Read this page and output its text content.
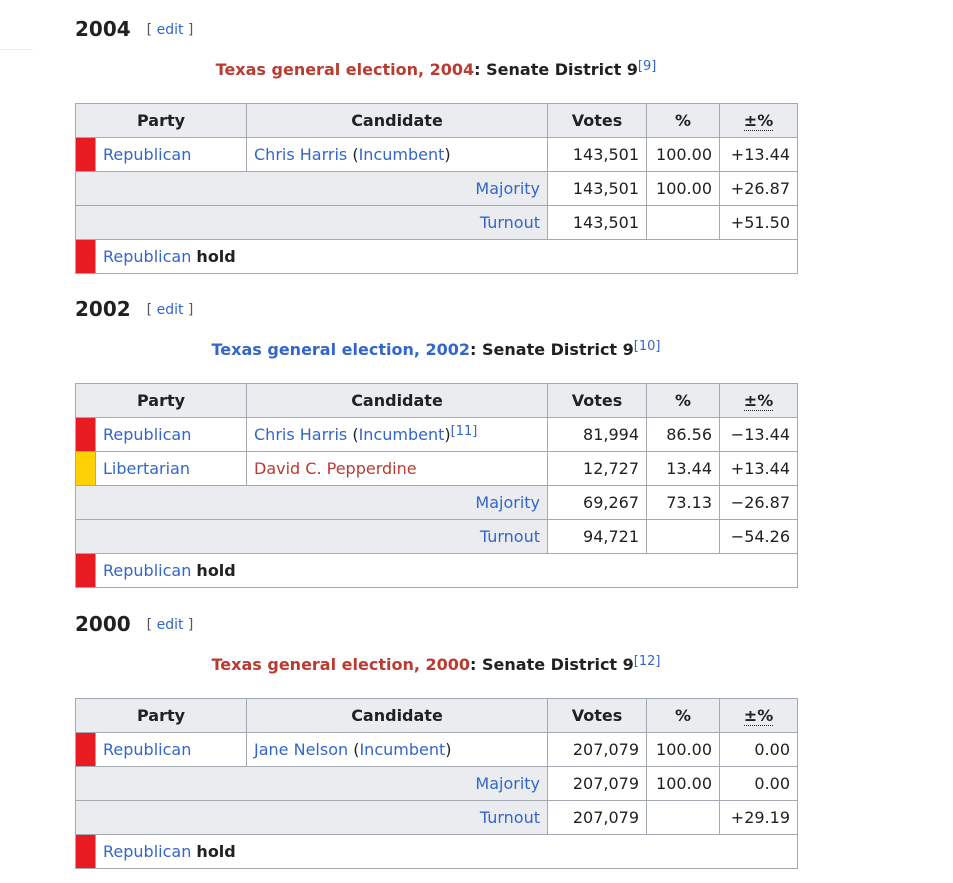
2004 [ edit ]
Texas general election, 2004: Senate District 9[9]
Party		Candidate	Votes	%	±%
	Republican	Chris Harris (Incumbent)	143,501	100.00	+13.44
Majority			143,501	100.00	+26.87
Turnout			143,501		+51.50
	Republican hold				
2002 [ edit ]
Texas general election, 2002: Senate District 9[10]
Party		Candidate	Votes	%	±%
	Republican	Chris Harris (Incumbent)[11]	81,994	86.56	−13.44
	Libertarian	David C. Pepperdine	12,727	13.44	+13.44
Majority			69,267	73.13	−26.87
Turnout			94,721		−54.26
	Republican hold				
2000 [ edit ]
Texas general election, 2000: Senate District 9[12]
Party		Candidate	Votes	%	±%
	Republican	Jane Nelson (Incumbent)	207,079	100.00	0.00
Majority			207,079	100.00	0.00
Turnout			207,079		+29.19
	Republican hold				
